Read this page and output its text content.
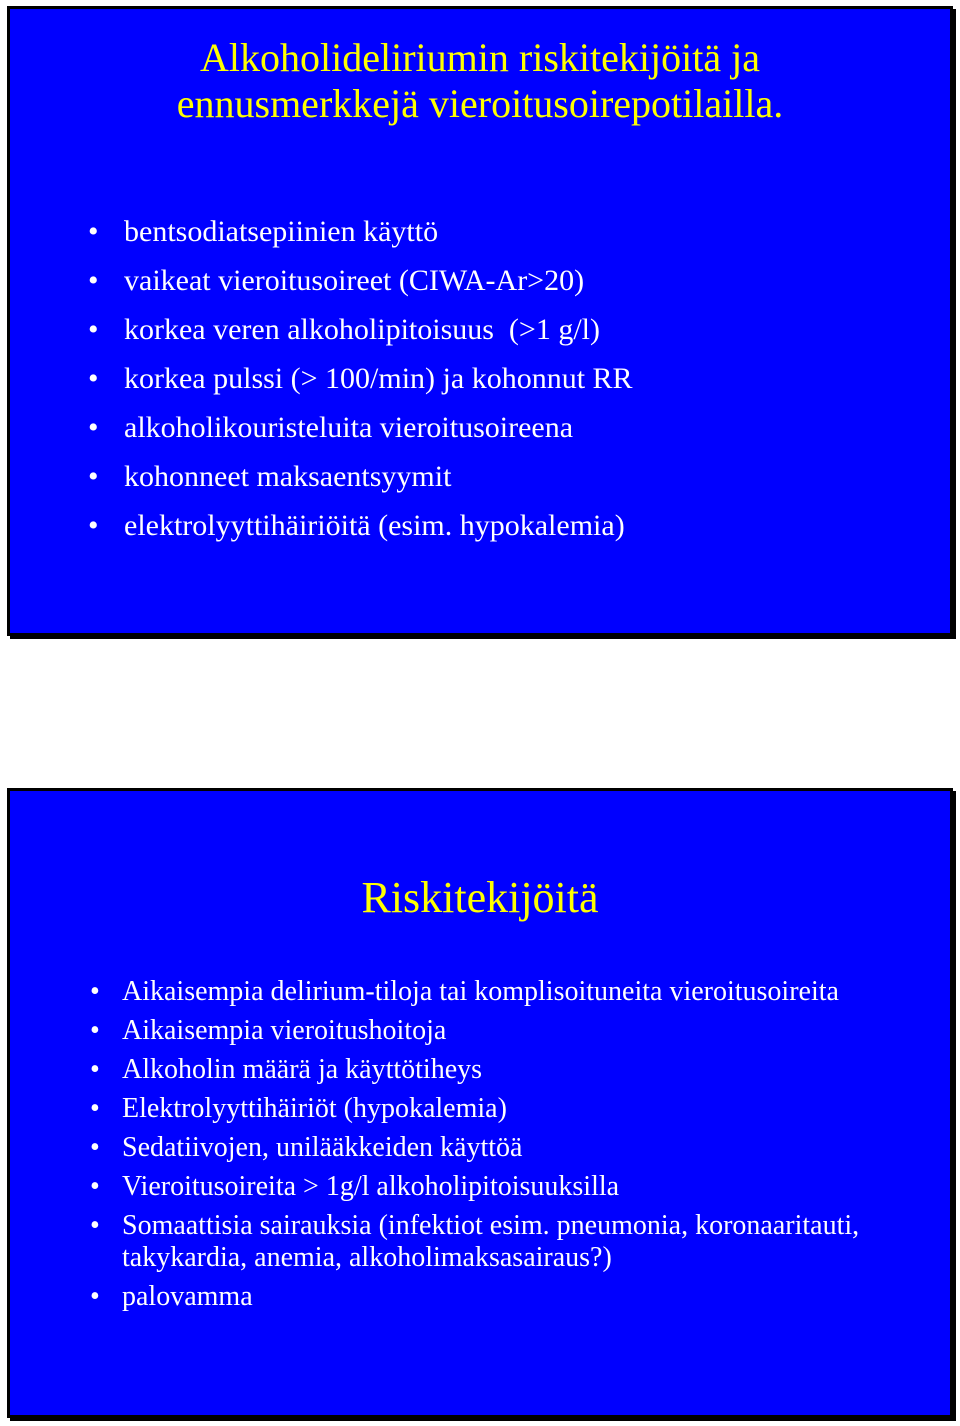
Alkoholideliriumin riskitekijöitä ja
ennusmerkkejä vieroitusoirepotilailla.
• bentsodiatsepiinien käyttö
• vaikeat vieroitusoireet (CIWA-Ar>20)
• korkea veren alkoholipitoisuus  (>1 g/l)
• korkea pulssi (> 100/min) ja kohonnut RR
• alkoholikouristeluita vieroitusoireena
• kohonneet maksaentsyymit
• elektrolyyttihäiriöitä (esim. hypokalemia)
Riskitekijöitä
• Aikaisempia delirium-tiloja tai komplisoituneita vieroitusoireita
• Aikaisempia vieroitushoitoja
• Alkoholin määrä ja käyttötiheys
• Elektrolyyttihäiriöt (hypokalemia)
• Sedatiivojen, unilääkkeiden käyttöä
• Vieroitusoireita > 1g/l alkoholipitoisuuksilla
• Somaattisia sairauksia (infektiot esim. pneumonia, koronaaritauti, takykardia, anemia, alkoholimaksasairaus?)
• palovamma
